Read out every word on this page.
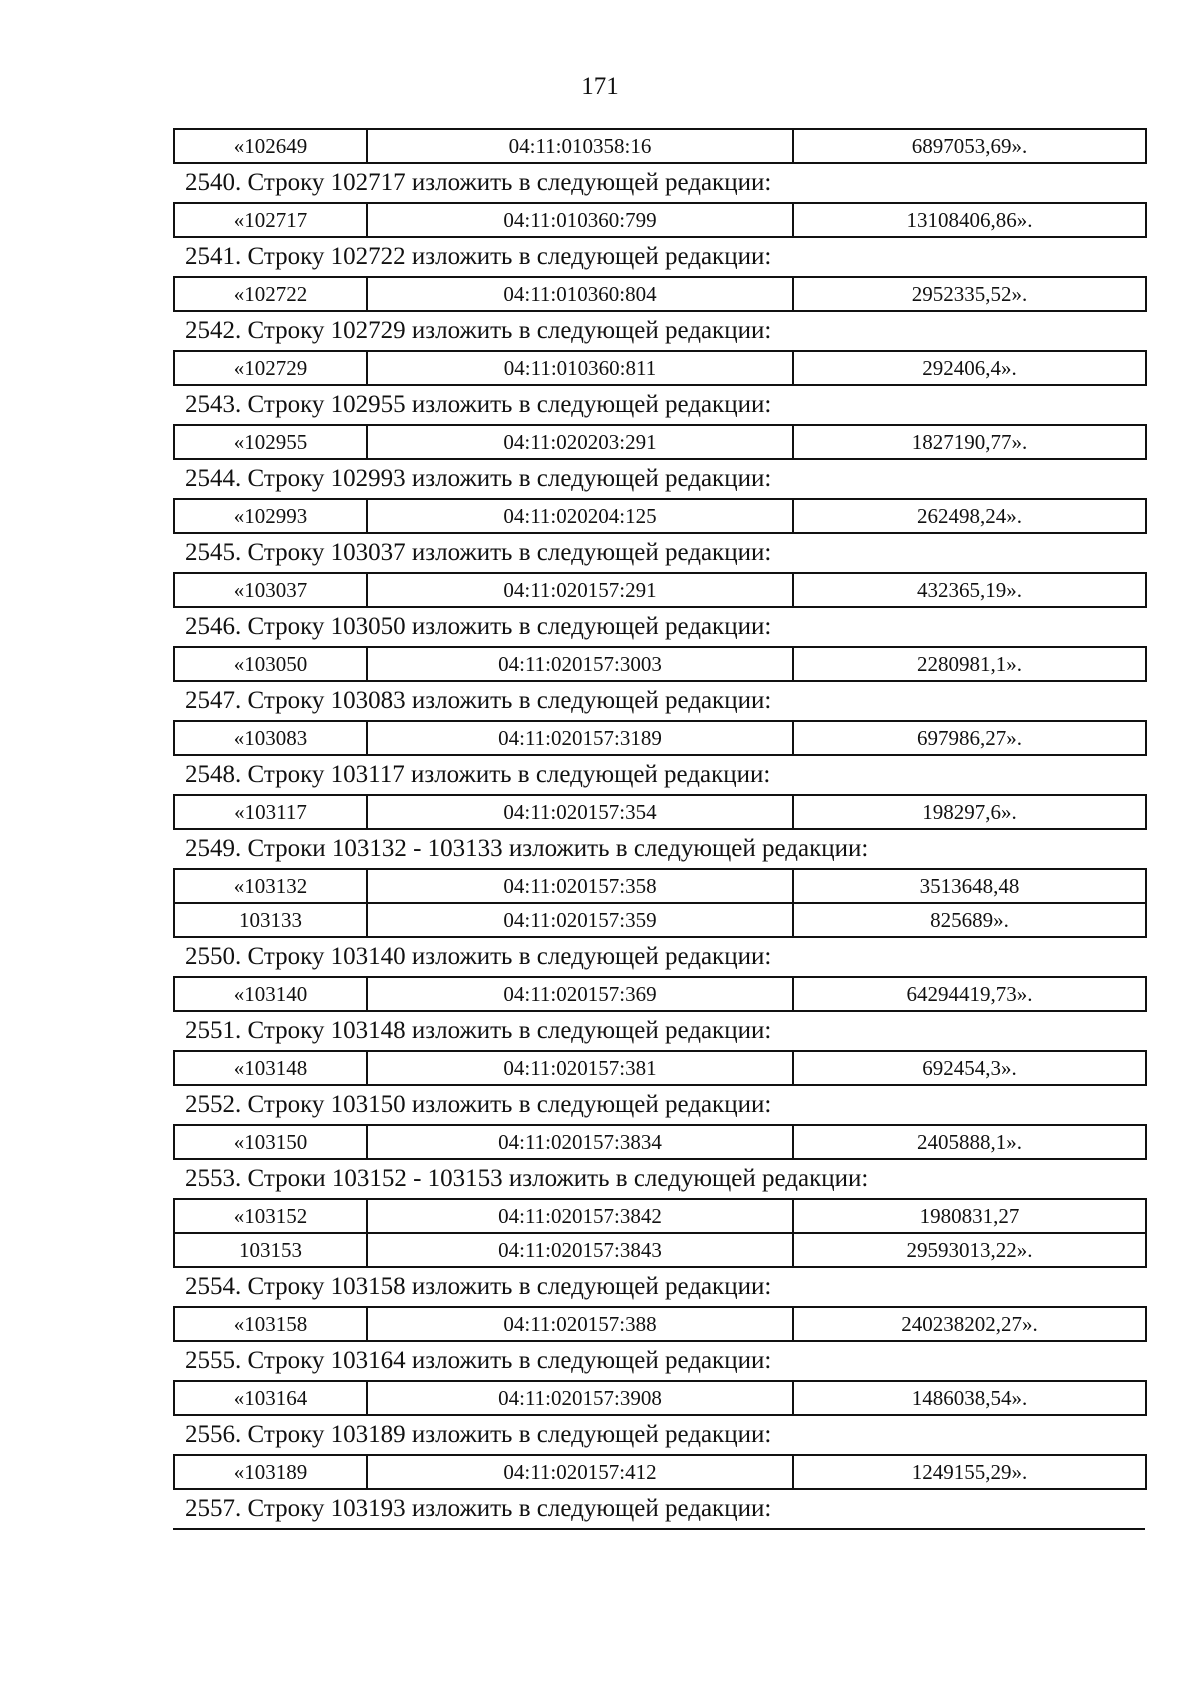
171
«102649	04:11:010358:16	6897053,69».
2540. Строку 102717 изложить в следующей редакции:
«102717	04:11:010360:799	13108406,86».
2541. Строку 102722 изложить в следующей редакции:
«102722	04:11:010360:804	2952335,52».
2542. Строку 102729 изложить в следующей редакции:
«102729	04:11:010360:811	292406,4».
2543. Строку 102955 изложить в следующей редакции:
«102955	04:11:020203:291	1827190,77».
2544. Строку 102993 изложить в следующей редакции:
«102993	04:11:020204:125	262498,24».
2545. Строку 103037 изложить в следующей редакции:
«103037	04:11:020157:291	432365,19».
2546. Строку 103050 изложить в следующей редакции:
«103050	04:11:020157:3003	2280981,1».
2547. Строку 103083 изложить в следующей редакции:
«103083	04:11:020157:3189	697986,27».
2548. Строку 103117 изложить в следующей редакции:
«103117	04:11:020157:354	198297,6».
2549. Строки 103132 - 103133 изложить в следующей редакции:
«103132	04:11:020157:358	3513648,48
103133	04:11:020157:359	825689».
2550. Строку 103140 изложить в следующей редакции:
«103140	04:11:020157:369	64294419,73».
2551. Строку 103148 изложить в следующей редакции:
«103148	04:11:020157:381	692454,3».
2552. Строку 103150 изложить в следующей редакции:
«103150	04:11:020157:3834	2405888,1».
2553. Строки 103152 - 103153 изложить в следующей редакции:
«103152	04:11:020157:3842	1980831,27
103153	04:11:020157:3843	29593013,22».
2554. Строку 103158 изложить в следующей редакции:
«103158	04:11:020157:388	240238202,27».
2555. Строку 103164 изложить в следующей редакции:
«103164	04:11:020157:3908	1486038,54».
2556. Строку 103189 изложить в следующей редакции:
«103189	04:11:020157:412	1249155,29».
2557. Строку 103193 изложить в следующей редакции:
